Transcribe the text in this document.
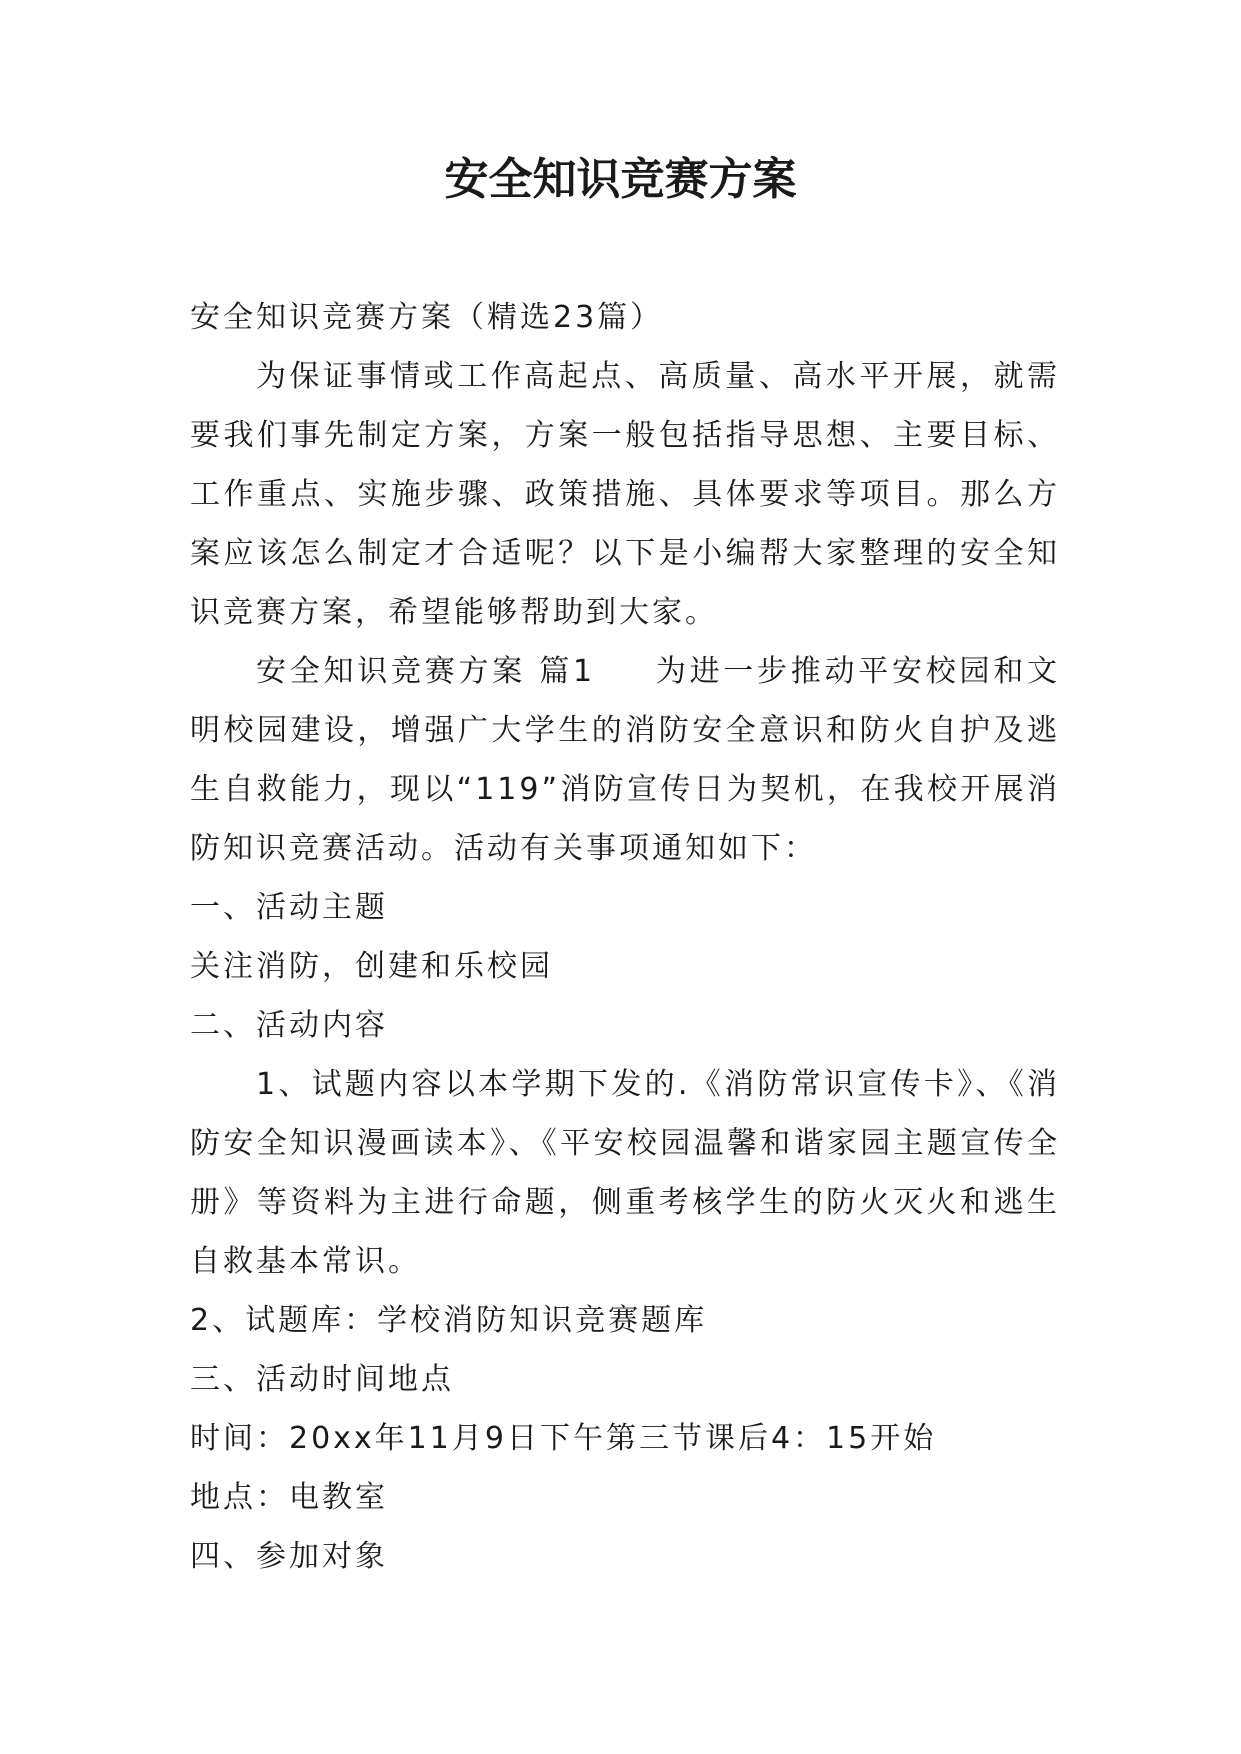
安全知识竞赛方案

安全知识竞赛方案（精选23篇）

为保证事情或工作高起点、高质量、高水平开展，就需要我们事先制定方案，方案一般包括指导思想、主要目标、工作重点、实施步骤、政策措施、具体要求等项目。那么方案应该怎么制定才合适呢？以下是小编帮大家整理的安全知识竞赛方案，希望能够帮助到大家。

安全知识竞赛方案 篇1 为进一步推动平安校园和文明校园建设，增强广大学生的消防安全意识和防火自护及逃生自救能力，现以“119”消防宣传日为契机，在我校开展消防知识竞赛活动。活动有关事项通知如下：

一、活动主题

关注消防，创建和乐校园

二、活动内容

1、试题内容以本学期下发的.《消防常识宣传卡》、《消防安全知识漫画读本》、《平安校园温馨和谐家园主题宣传全册》等资料为主进行命题，侧重考核学生的防火灭火和逃生自救基本常识。

2、试题库：学校消防知识竞赛题库

三、活动时间地点

时间：20xx年11月9日下午第三节课后4：15开始

地点：电教室

四、参加对象
